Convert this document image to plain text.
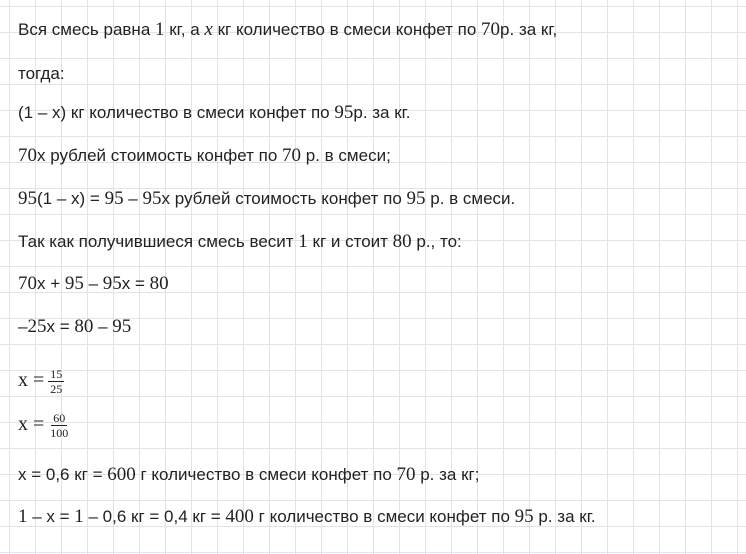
Вся смесь равна 1 кг, а x кг количество в смеси конфет по 70р. за кг,
тогда:
(1 – x) кг количество в смеси конфет по 95р. за кг.
70x рублей стоимость конфет по 70 р. в смеси;
95(1 – x) = 95 – 95x рублей стоимость конфет по 95 р. в смеси.
Так как получившиеся смесь весит 1 кг и стоит 80 р., то:
70x + 95 – 95x = 80
–25x = 80 – 95
$x = \frac{15}{25}$
$x = \frac{60}{100}$
x = 0,6 кг = 600 г количество в смеси конфет по 70 р. за кг;
1 – x = 1 – 0,6 кг = 0,4 кг = 400 г количество в смеси конфет по 95 р. за кг.
